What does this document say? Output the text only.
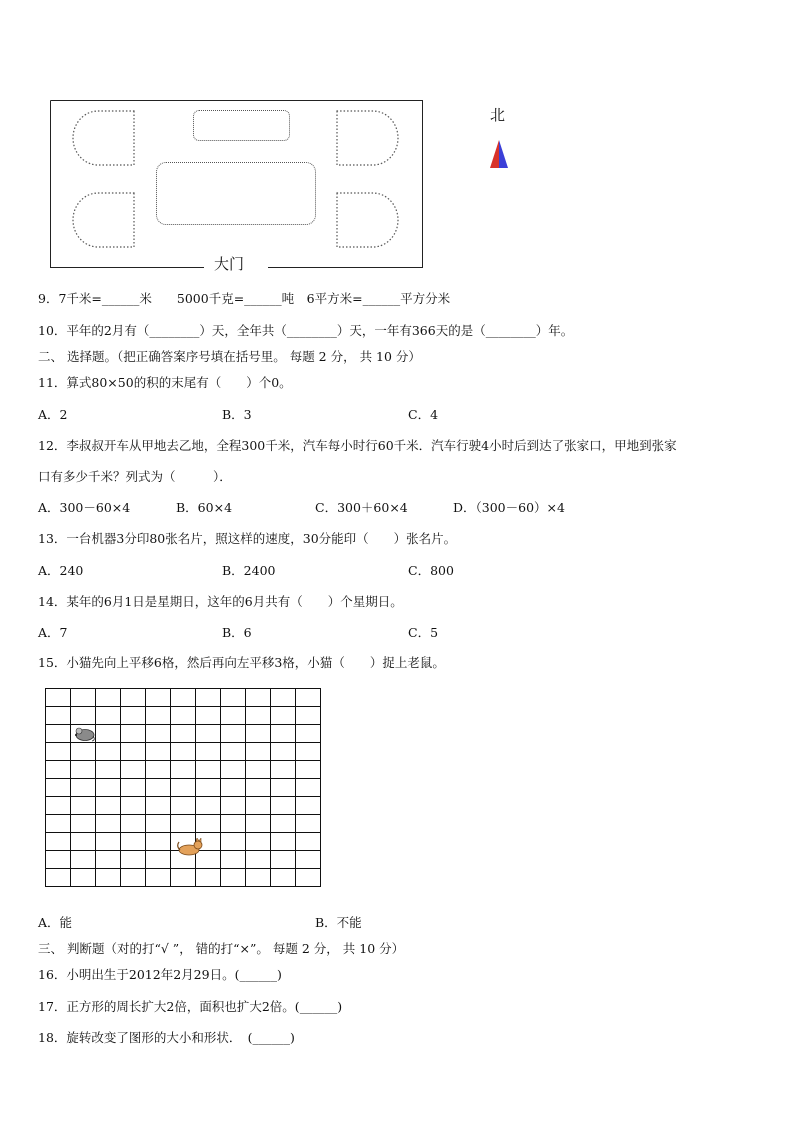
大门
北
9．7千米=______米　　5000千克=______吨　6平方米=______平方分米
10．平年的2月有（________）天，全年共（________）天，一年有366天的是（________）年。
二、 选择题。（把正确答案序号填在括号里。 每题 2 分， 共 10 分）
11．算式80×50的积的末尾有（　　）个0。
A．2	B．3	C．4
12．李叔叔开车从甲地去乙地，全程300千米，汽车每小时行60千米．汽车行驶4小时后到达了张家口，甲地到张家
口有多少千米？列式为（　　　）．
A．300－60×4	B．60×4	C．300＋60×4	D．（300－60）×4
13．一台机器3分印80张名片，照这样的速度，30分能印（　　）张名片。
A．240	B．2400	C．800
14．某年的6月1日是星期日，这年的6月共有（　　）个星期日。
A．7	B．6	C．5
15．小猫先向上平移6格，然后再向左平移3格，小猫（　　）捉上老鼠。

A．能	B．不能
三、 判断题（对的打“√ ”， 错的打“×”。 每题 2 分， 共 10 分）
16．小明出生于2012年2月29日。(______)
17．正方形的周长扩大2倍，面积也扩大2倍。(______)
18．旋转改变了图形的大小和形状．　(______)
